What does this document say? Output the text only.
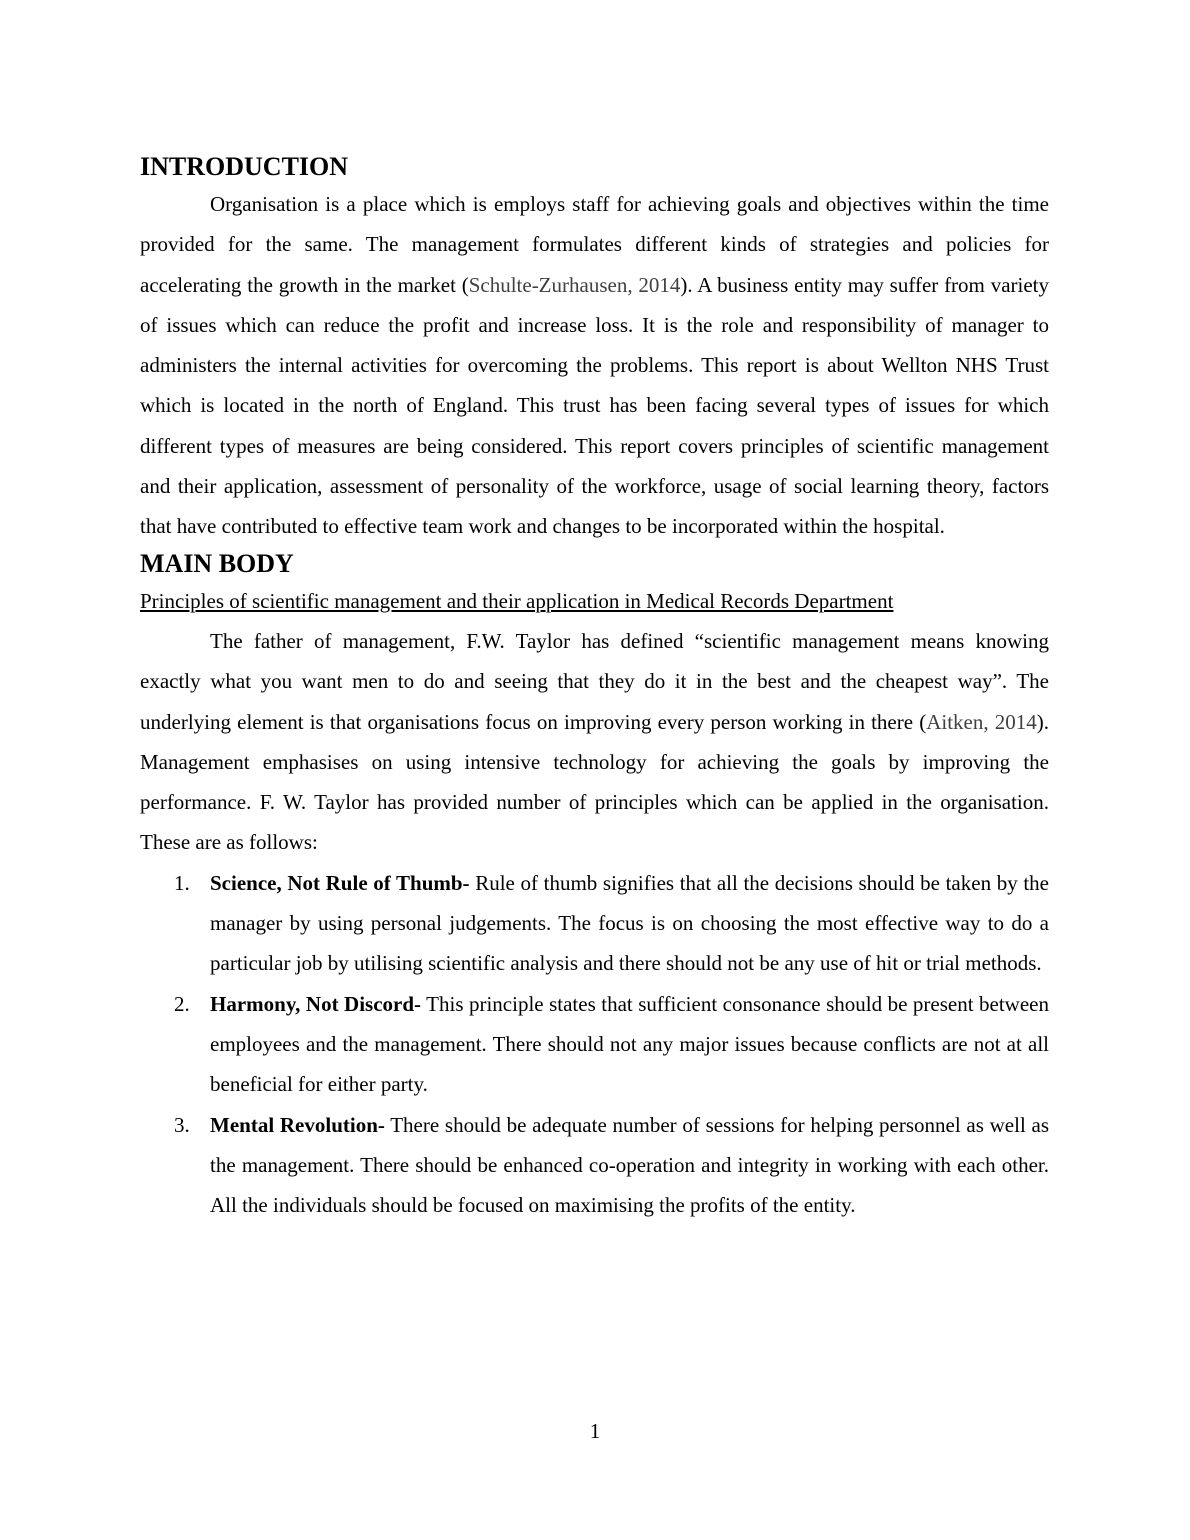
INTRODUCTION

Organisation is a place which is employs staff for achieving goals and objectives within the time provided for the same. The management formulates different kinds of strategies and policies for accelerating the growth in the market (Schulte-Zurhausen, 2014). A business entity may suffer from variety of issues which can reduce the profit and increase loss. It is the role and responsibility of manager to administers the internal activities for overcoming the problems. This report is about Wellton NHS Trust which is located in the north of England. This trust has been facing several types of issues for which different types of measures are being considered. This report covers principles of scientific management and their application, assessment of personality of the workforce, usage of social learning theory, factors that have contributed to effective team work and changes to be incorporated within the hospital.

MAIN BODY

Principles of scientific management and their application in Medical Records Department

The father of management, F.W. Taylor has defined “scientific management means knowing exactly what you want men to do and seeing that they do it in the best and the cheapest way”. The underlying element is that organisations focus on improving every person working in there (Aitken, 2014). Management emphasises on using intensive technology for achieving the goals by improving the performance. F. W. Taylor has provided number of principles which can be applied in the organisation. These are as follows:

1. Science, Not Rule of Thumb- Rule of thumb signifies that all the decisions should be taken by the manager by using personal judgements. The focus is on choosing the most effective way to do a particular job by utilising scientific analysis and there should not be any use of hit or trial methods.
2. Harmony, Not Discord- This principle states that sufficient consonance should be present between employees and the management. There should not any major issues because conflicts are not at all beneficial for either party.
3. Mental Revolution- There should be adequate number of sessions for helping personnel as well as the management. There should be enhanced co-operation and integrity in working with each other. All the individuals should be focused on maximising the profits of the entity.
1
